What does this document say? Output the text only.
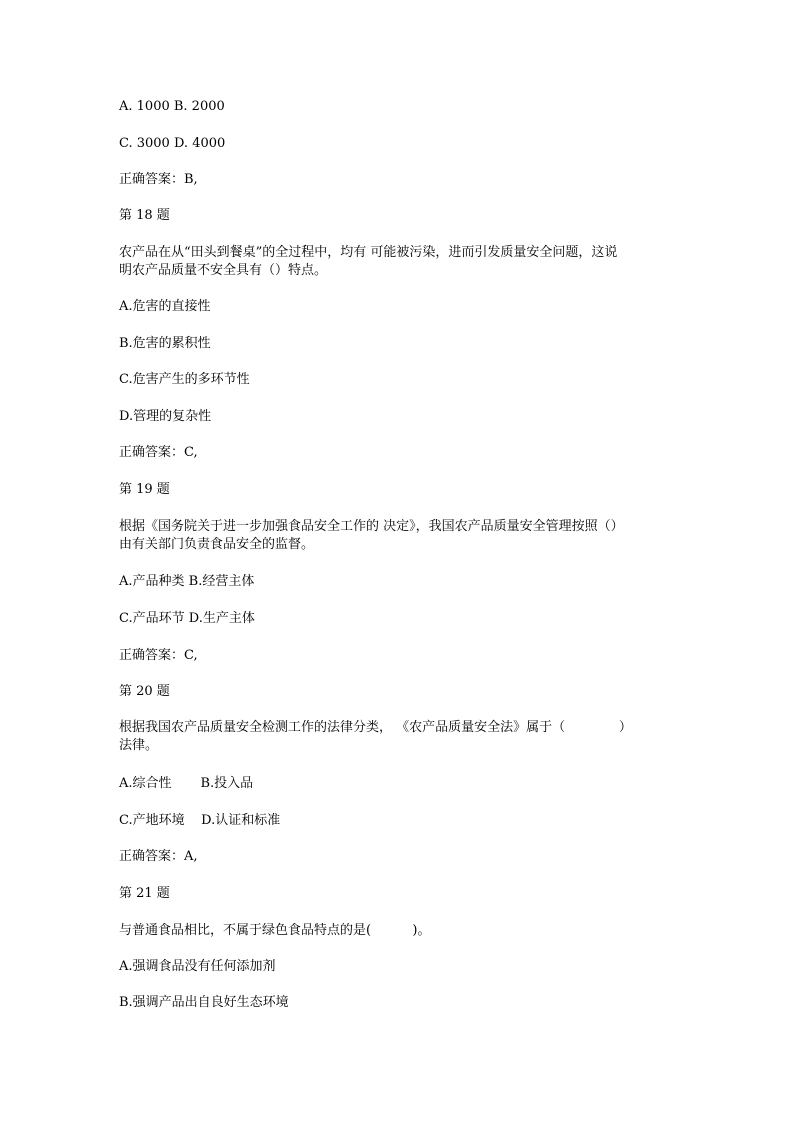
A. 1000 B. 2000
C. 3000 D. 4000
正确答案：B,
第 18 题
农产品在从“田头到餐桌”的全过程中，均有 可能被污染，进而引发质量安全问题，这说
明农产品质量不安全具有（）特点。
A.危害的直接性
B.危害的累积性
C.危害产生的多环节性
D.管理的复杂性
正确答案：C,
第 19 题
根据《国务院关于进一步加强食品安全工作的 决定》，我国农产品质量安全管理按照（）
由有关部门负责食品安全的监督。
A.产品种类 B.经营主体
C.产品环节 D.生产主体
正确答案：C,
第 20 题
根据我国农产品质量安全检测工作的法律分类， 《农产品质量安全法》属于（             ）
法律。
A.综合性       B.投入品
C.产地环境    D.认证和标准
正确答案：A,
第 21 题
与普通食品相比，不属于绿色食品特点的是(          )。
A.强调食品没有任何添加剂
B.强调产品出自良好生态环境
